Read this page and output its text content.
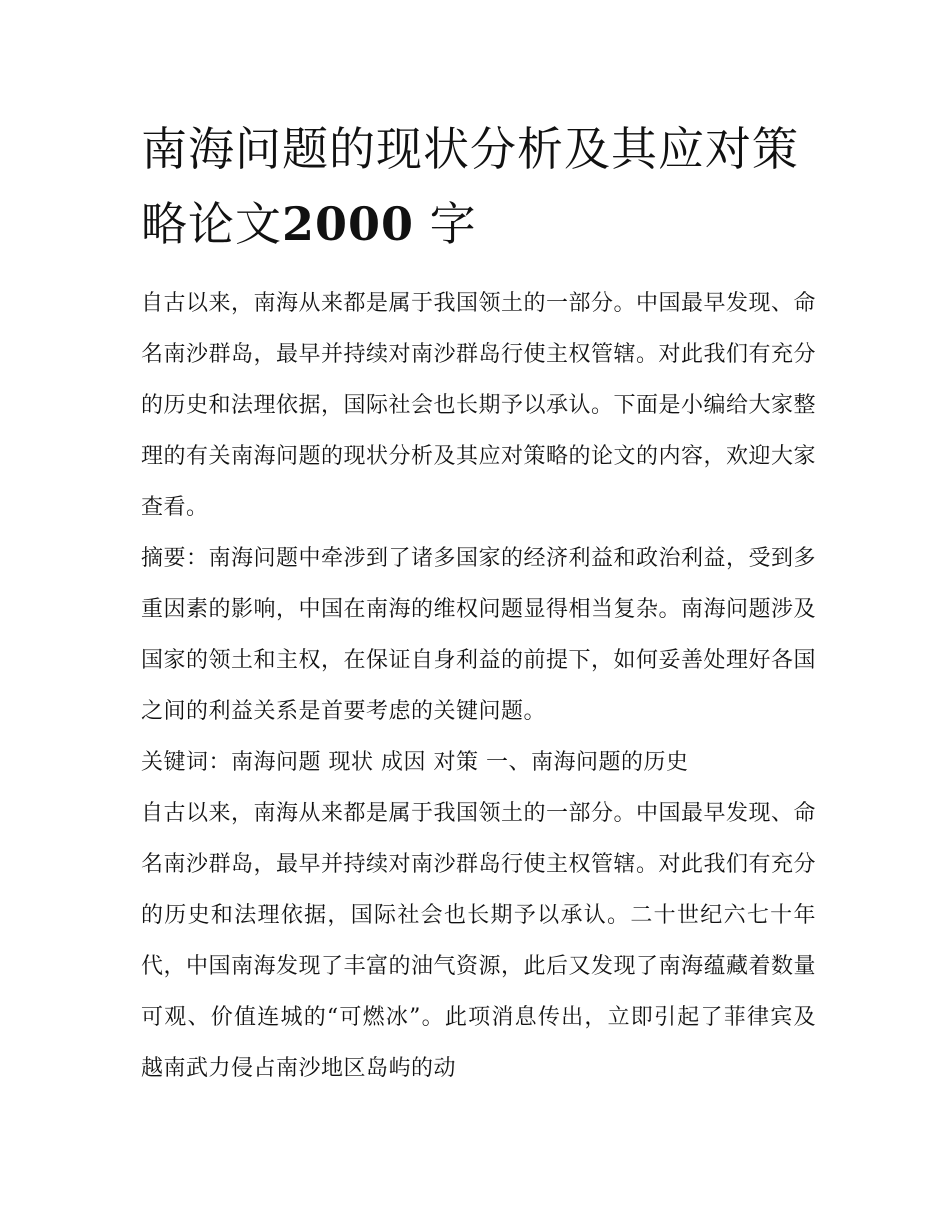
南海问题的现状分析及其应对策略论文2000 字

自古以来，南海从来都是属于我国领土的一部分。中国最早发现、命名南沙群岛，最早并持续对南沙群岛行使主权管辖。对此我们有充分的历史和法理依据，国际社会也长期予以承认。下面是小编给大家整理的有关南海问题的现状分析及其应对策略的论文的内容，欢迎大家查看。

摘要：南海问题中牵涉到了诸多国家的经济利益和政治利益，受到多重因素的影响，中国在南海的维权问题显得相当复杂。南海问题涉及国家的领土和主权，在保证自身利益的前提下，如何妥善处理好各国之间的利益关系是首要考虑的关键问题。

关键词：南海问题 现状 成因 对策 一、南海问题的历史

自古以来，南海从来都是属于我国领土的一部分。中国最早发现、命名南沙群岛，最早并持续对南沙群岛行使主权管辖。对此我们有充分的历史和法理依据，国际社会也长期予以承认。二十世纪六七十年代，中国南海发现了丰富的油气资源，此后又发现了南海蕴藏着数量可观、价值连城的“可燃冰”。此项消息传出，立即引起了菲律宾及越南武力侵占南沙地区岛屿的动
